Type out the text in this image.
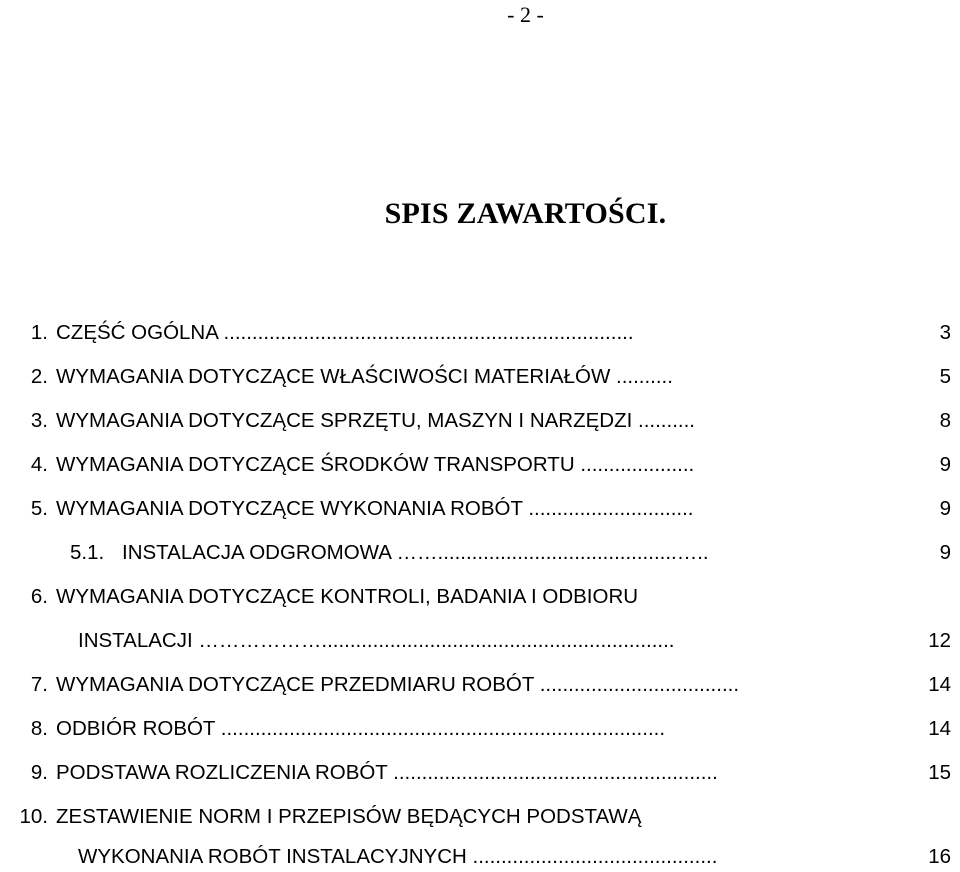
- 2 -
SPIS ZAWARTOŚCI.
1. CZĘŚĆ OGÓLNA ........................................................................	3
2. WYMAGANIA DOTYCZĄCE WŁAŚCIWOŚCI MATERIAŁÓW ..........	5
3. WYMAGANIA DOTYCZĄCE SPRZĘTU, MASZYN I NARZĘDZI ..........	8
4. WYMAGANIA DOTYCZĄCE ŚRODKÓW TRANSPORTU ....................	9
5. WYMAGANIA DOTYCZĄCE WYKONANIA ROBÓT .............................	9
5.1. INSTALACJA ODGROMOWA ……..........................................…..	9
6. WYMAGANIA DOTYCZĄCE KONTROLI, BADANIA I ODBIORU
INSTALACJI ………………..............................................................	12
7. WYMAGANIA DOTYCZĄCE PRZEDMIARU ROBÓT ...................................	14
8. ODBIÓR ROBÓT ..............................................................................	14
9. PODSTAWA ROZLICZENIA ROBÓT .........................................................	15
10. ZESTAWIENIE NORM I PRZEPISÓW BĘDĄCYCH PODSTAWĄ
WYKONANIA ROBÓT INSTALACYJNYCH ...........................................	16
